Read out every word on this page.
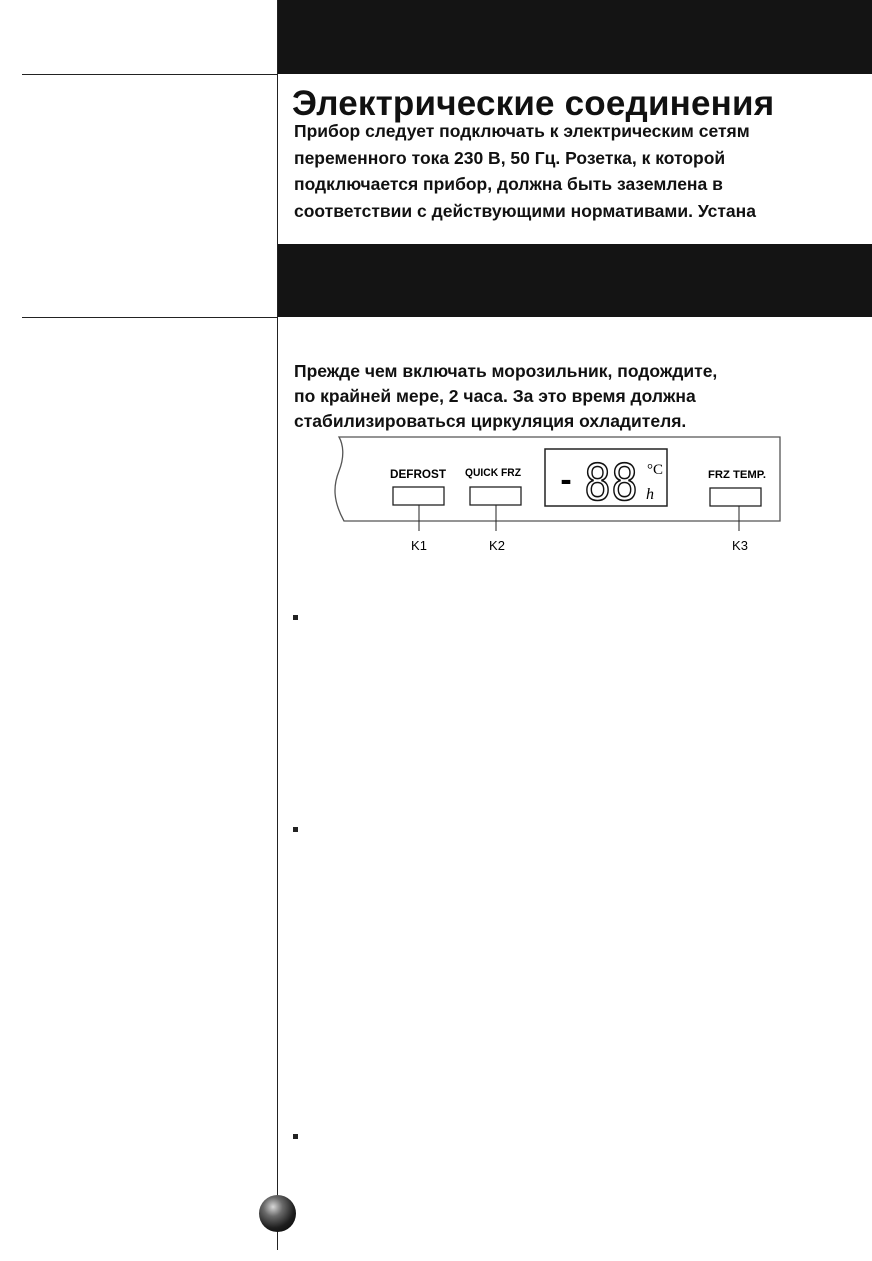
Электрические соединения
Прибор следует подключать к электрическим сетям
переменного тока 230 В, 50 Гц. Розетка, к которой
подключается прибор, должна быть заземлена в
соответствии с действующими нормативами. Устана
Прежде чем включать морозильник, подождите,
по крайней мере, 2 часа. За это время должна
стабилизироваться циркуляция охладителя.
DEFROST
K1
QUICK FRZ
K2
- 88 °C
h
FRZ TEMP.
K3
